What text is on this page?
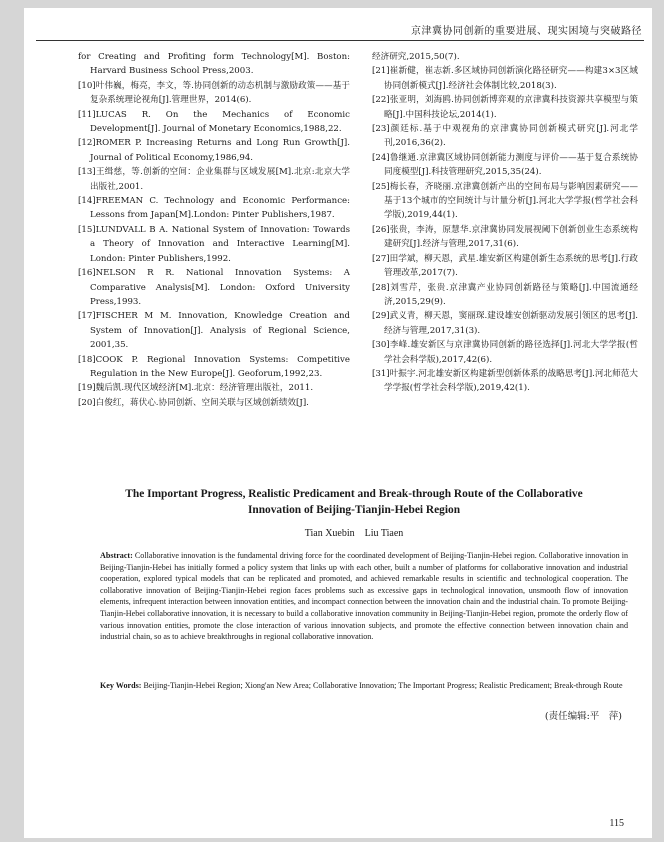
京津冀协同创新的重要进展、现实困境与突破路径

for Creating and Profiting form Technology[M]. Boston: Harvard Business School Press,2003.

[10]叶伟巍，梅亮，李文，等.协同创新的动态机制与激励政策——基于复杂系统理论视角[J].管理世界，2014(6).

[11]LUCAS R. On the Mechanics of Economic Development[J]. Journal of Monetary Economics,1988,22.

[12]ROMER P. Increasing Returns and Long Run Growth[J]. Journal of Political Economy,1986,94.

[13]王缉慈，等.创新的空间：企业集群与区域发展[M].北京:北京大学出版社,2001.

[14]FREEMAN C. Technology and Economic Performance: Lessons from Japan[M].London: Pinter Publishers,1987.

[15]LUNDVALL B A. National System of Innovation: Towards a Theory of Innovation and Interactive Learning[M]. London: Pinter Publishers,1992.

[16]NELSON R R. National Innovation Systems: A Comparative Analysis[M]. London: Oxford University Press,1993.

[17]FISCHER M M. Innovation, Knowledge Creation and System of Innovation[J]. Analysis of Regional Science, 2001,35.

[18]COOK P. Regional Innovation Systems: Competitive Regulation in the New Europe[J]. Geoforum,1992,23.

[19]魏后凯.现代区域经济[M].北京：经济管理出版社，2011.

[20]白俊红，蒋伏心.协同创新、空间关联与区域创新绩效[J].

经济研究,2015,50(7).

[21]崔新健，崔志新.多区域协同创新演化路径研究——构建3×3区域协同创新模式[J].经济社会体制比较,2018(3).

[22]张亚明，刘海鸥.协同创新博弈观的京津冀科技资源共享模型与策略[J].中国科技论坛,2014(1).

[23]颜廷标.基于中观视角的京津冀协同创新模式研究[J].河北学刊,2016,36(2).

[24]鲁继通.京津冀区域协同创新能力测度与评价——基于复合系统协同度模型[J].科技管理研究,2015,35(24).

[25]梅长春，齐晓丽.京津冀创新产出的空间布局与影响因素研究——基于13个城市的空间统计与计量分析[J].河北大学学报(哲学社会科学版),2019,44(1).

[26]张贵，李涛，原慧华.京津冀协同发展视阈下创新创业生态系统构建研究[J].经济与管理,2017,31(6).

[27]田学斌，柳天恩，武星.雄安新区构建创新生态系统的思考[J].行政管理改革,2017(7).

[28]刘雪芹，张贵.京津冀产业协同创新路径与策略[J].中国流通经济,2015,29(9).

[29]武义青，柳天恩，窦丽琛.建设雄安创新驱动发展引领区的思考[J].经济与管理,2017,31(3).

[30]李峰.雄安新区与京津冀协同创新的路径选择[J].河北大学学报(哲学社会科学版),2017,42(6).

[31]叶振宇.河北雄安新区构建新型创新体系的战略思考[J].河北师范大学学报(哲学社会科学版),2019,42(1).

The Important Progress, Realistic Predicament and Break-through Route of the Collaborative
Innovation of Beijing-Tianjin-Hebei Region
Tian Xuebin    Liu Tiaen

Abstract: Collaborative innovation is the fundamental driving force for the coordinated development of Beijing-Tianjin-Hebei region. Collaborative innovation in Beijing-Tianjin-Hebei has initially formed a policy system that links up with each other, built a number of platforms for collaborative innovation and industrial cooperation, explored typical models that can be replicated and promoted, and achieved remarkable results in scientific and technological cooperation. The collaborative innovation of Beijing-Tianjin-Hebei region faces problems such as excessive gaps in technological innovation, unsmooth flow of innovation elements, infrequent interaction between innovation entities, and incompact connection between the innovation chain and the industrial chain. To promote Beijing-Tianjin-Hebei collaborative innovation, it is necessary to build a collaborative innovation community in Beijing-Tianjin-Hebei region, promote the orderly flow of various innovation entities, promote the close interaction of various innovation subjects, and promote the effective connection between innovation chain and industrial chain, so as to achieve breakthroughs in regional collaborative innovation.

Key Words: Beijing-Tianjin-Hebei Region; Xiong'an New Area; Collaborative Innovation; The Important Progress; Realistic Predicament; Break-through Route

(责任编辑:平　萍)
115
